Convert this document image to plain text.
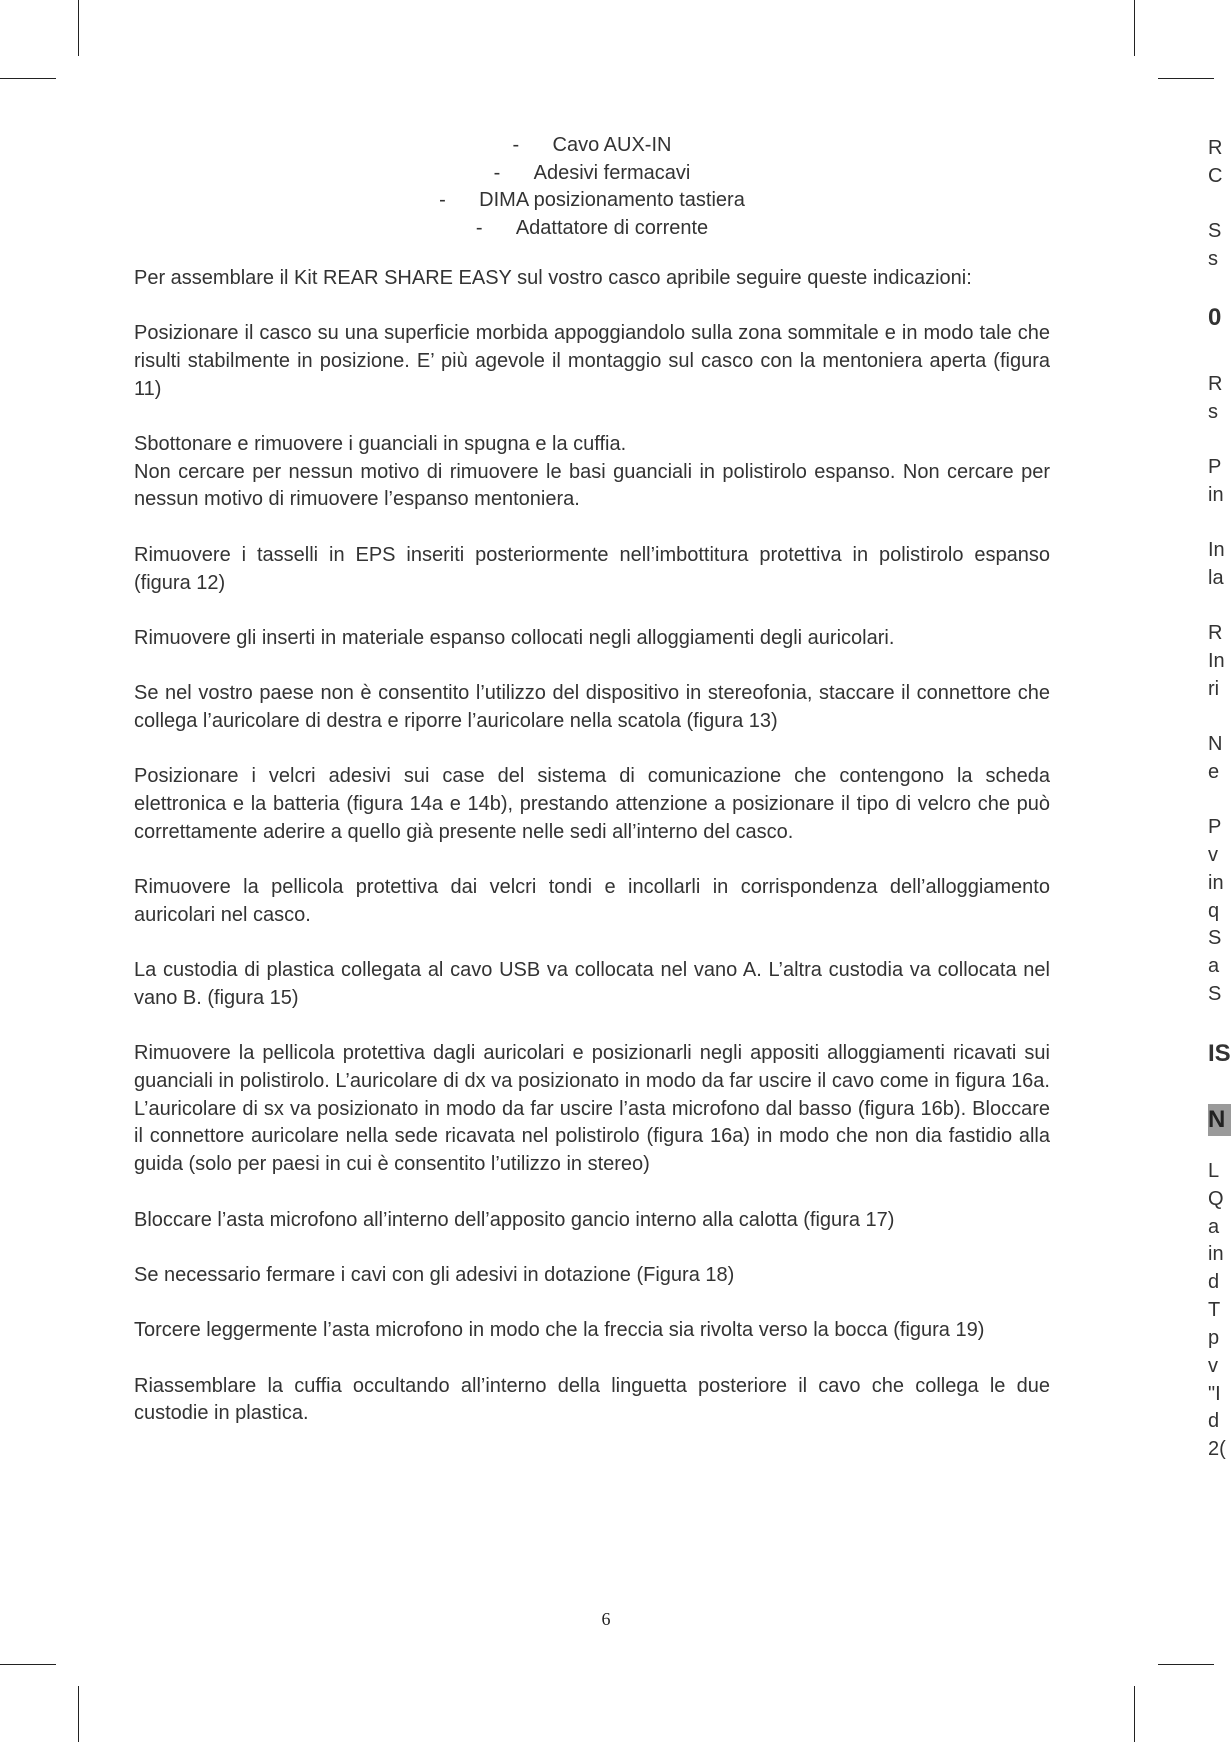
-	Cavo AUX-IN
-	Adesivi fermacavi
-	DIMA posizionamento tastiera
-	Adattatore di corrente

Per assemblare il Kit REAR SHARE EASY sul vostro casco apribile seguire queste indicazioni:

Posizionare il casco su una superficie morbida appoggiandolo sulla zona sommitale e in modo tale che risulti stabilmente in posizione. E’ più agevole il montaggio sul casco con la mentoniera aperta (figura 11)

Sbottonare e rimuovere i guanciali in spugna e la cuffia.
Non cercare per nessun motivo di rimuovere le basi guanciali in polistirolo espanso. Non cercare per nessun motivo di rimuovere l’espanso mentoniera.

Rimuovere i tasselli in EPS inseriti posteriormente nell’imbottitura protettiva in polistirolo espanso (figura 12)

Rimuovere gli inserti in materiale espanso collocati negli alloggiamenti degli auricolari.

Se nel vostro paese non è consentito l’utilizzo del dispositivo in stereofonia, staccare il connettore che collega l’auricolare di destra e riporre l’auricolare nella scatola (figura 13)

Posizionare i velcri adesivi sui case del sistema di comunicazione che contengono la scheda elettronica e la batteria (figura 14a e 14b), prestando attenzione a posizionare il tipo di velcro che può correttamente aderire a quello già presente nelle sedi all’interno del casco.

Rimuovere la pellicola protettiva dai velcri tondi e incollarli in corrispondenza dell’alloggiamento auricolari nel casco.

La custodia di plastica collegata al cavo USB va collocata nel vano A. L’altra custodia va collocata nel vano B. (figura 15)

Rimuovere la pellicola protettiva dagli auricolari e posizionarli negli appositi alloggiamenti ricavati sui guanciali in polistirolo. L’auricolare di dx va posizionato in modo da far uscire il cavo come in figura 16a. L’auricolare di sx va posizionato in modo da far uscire l’asta microfono dal basso (figura 16b). Bloccare il connettore auricolare nella sede ricavata nel polistirolo (figura 16a) in modo che non dia fastidio alla guida (solo per paesi in cui è consentito l’utilizzo in stereo)

Bloccare l’asta microfono all’interno dell’apposito gancio interno alla calotta (figura 17)

Se necessario fermare i cavi con gli adesivi in dotazione (Figura 18)

Torcere leggermente l’asta microfono in modo che la freccia sia rivolta verso la bocca (figura 19)

Riassemblare la cuffia occultando all’interno della linguetta posteriore il cavo che collega le due custodie in plastica.

6
R
C
S
s
0
R
s
P
in
In
la
R
In
ri
N
e
P
v
in
q
S
a
S
IS
N
L
Q
a
in
d
T
p
v
"I
d
2(
